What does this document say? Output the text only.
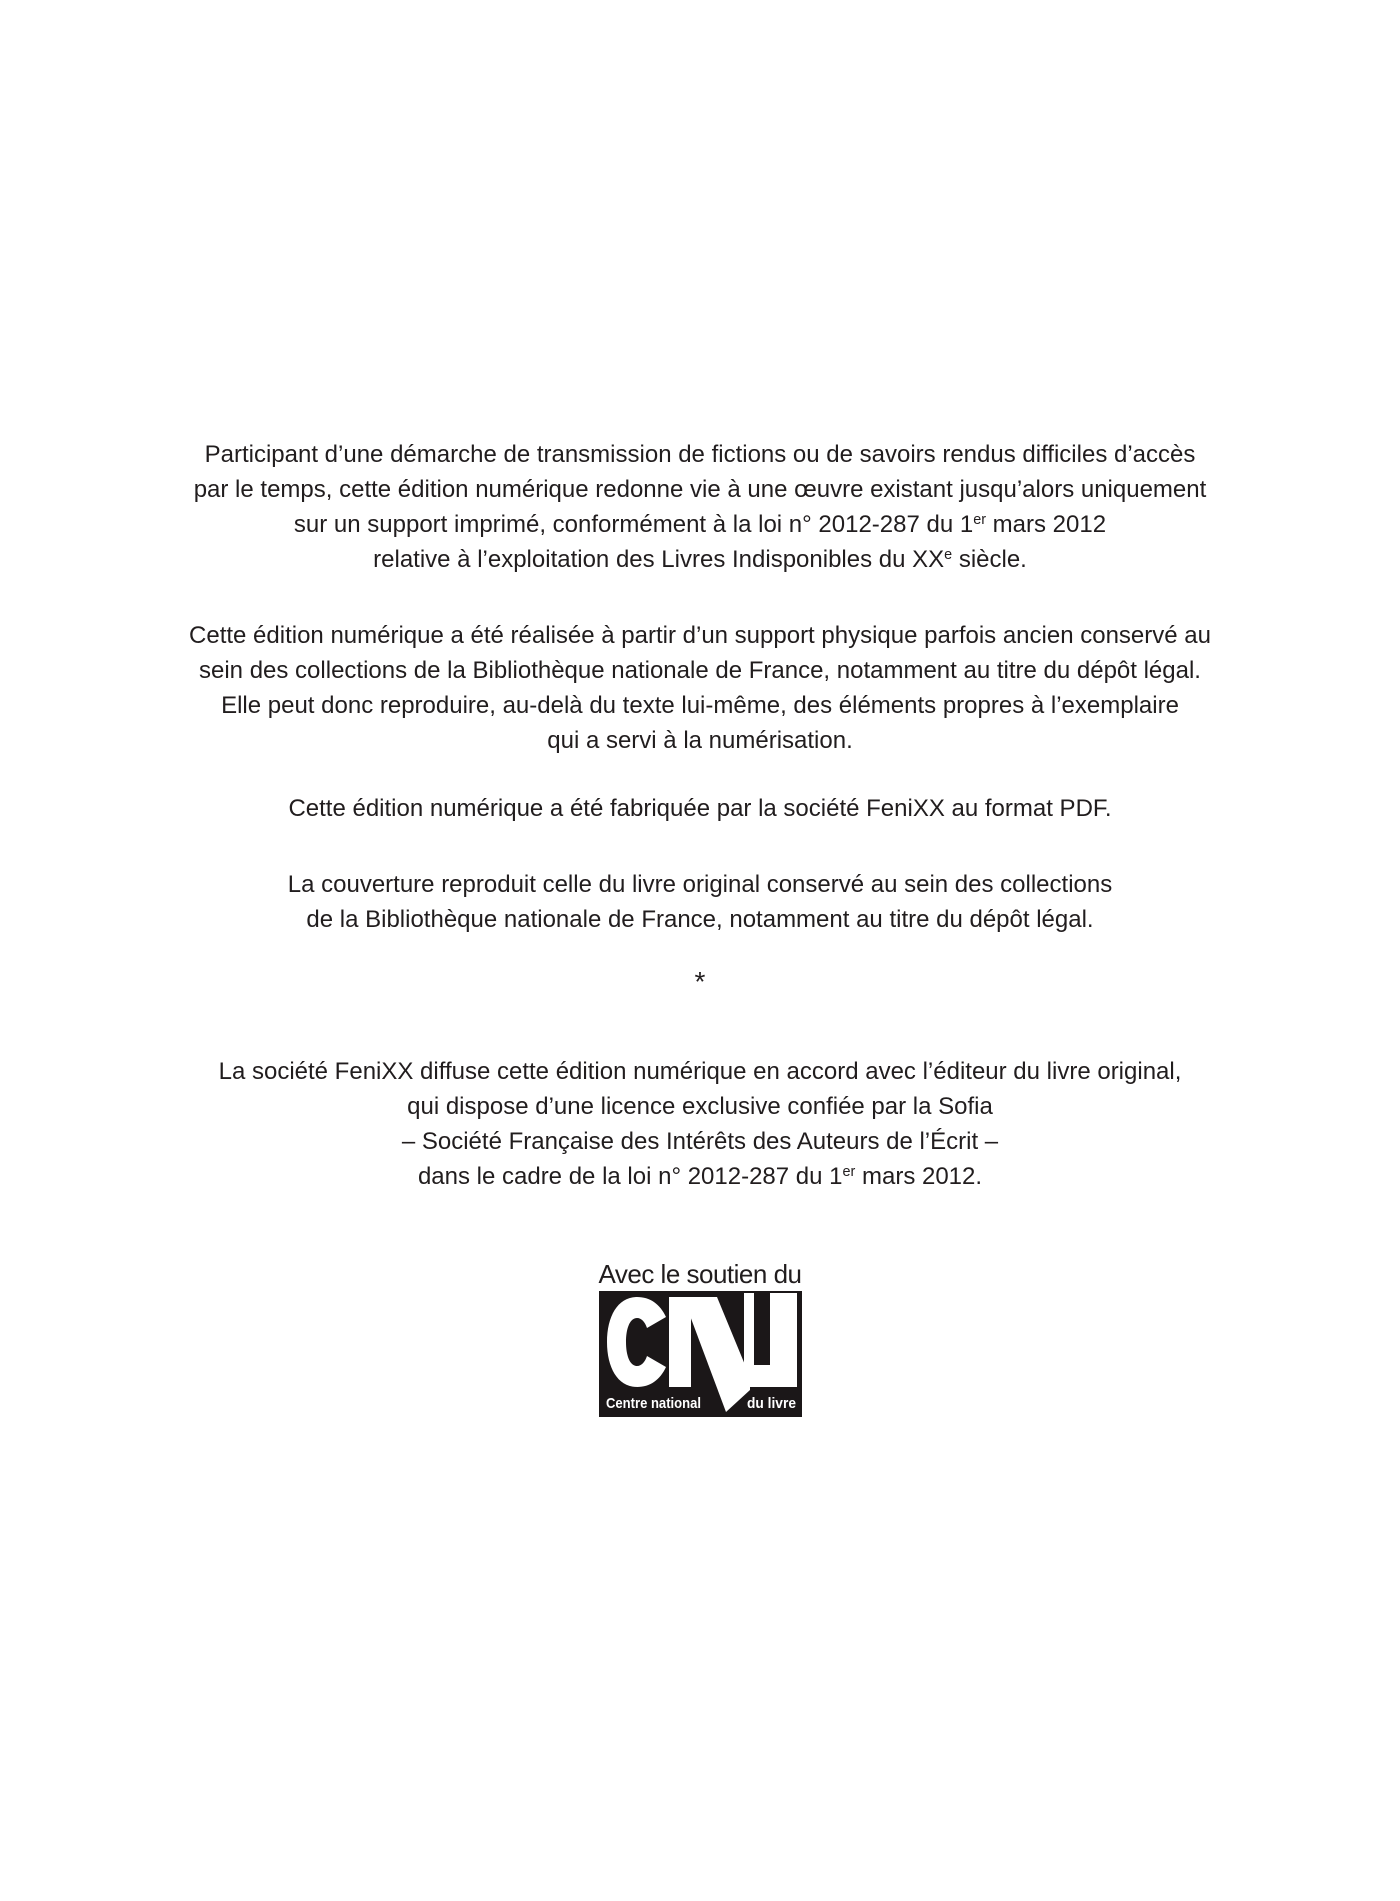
Participant d’une démarche de transmission de fictions ou de savoirs rendus difficiles d’accès
par le temps, cette édition numérique redonne vie à une œuvre existant jusqu’alors uniquement
sur un support imprimé, conformément à la loi n° 2012-287 du 1er mars 2012
relative à l’exploitation des Livres Indisponibles du XXe siècle.
Cette édition numérique a été réalisée à partir d’un support physique parfois ancien conservé au
sein des collections de la Bibliothèque nationale de France, notamment au titre du dépôt légal.
Elle peut donc reproduire, au-delà du texte lui-même, des éléments propres à l’exemplaire
qui a servi à la numérisation.
Cette édition numérique a été fabriquée par la société FeniXX au format PDF.
La couverture reproduit celle du livre original conservé au sein des collections
de la Bibliothèque nationale de France, notamment au titre du dépôt légal.
*
La société FeniXX diffuse cette édition numérique en accord avec l’éditeur du livre original,
qui dispose d’une licence exclusive confiée par la Sofia
– Société Française des Intérêts des Auteurs de l’Écrit –
dans le cadre de la loi n° 2012-287 du 1er mars 2012.
Avec le soutien du
Centre national	du livre
